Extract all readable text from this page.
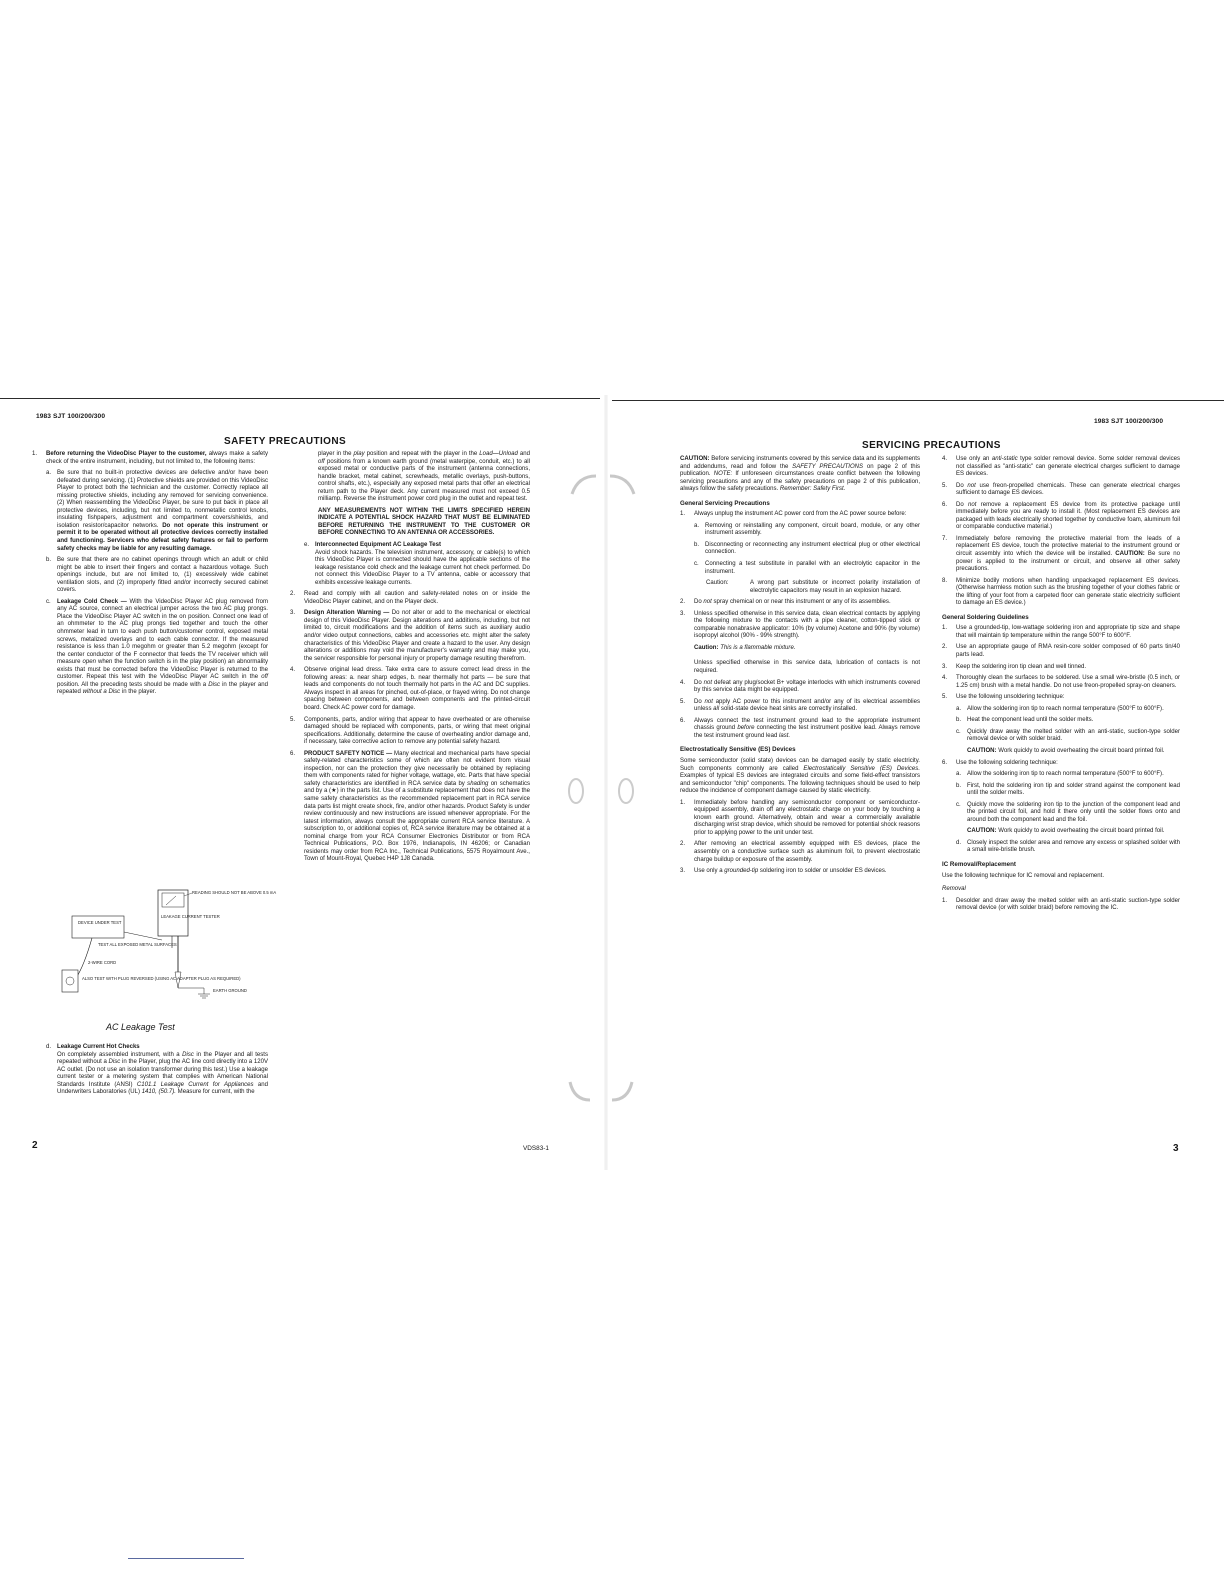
1983 SJT 100/200/300
SAFETY PRECAUTIONS
1. Before returning the VideoDisc Player to the customer, always make a safety check of the entire instrument, including, but not limited to, the following items:
a. Be sure that no built-in protective devices are defective and/or have been defeated during servicing. (1) Protective shields are provided on this VideoDisc Player to protect both the technician and the customer. Correctly replace all missing protective shields, including any removed for servicing convenience. (2) When reassembling the VideoDisc Player, be sure to put back in place all protective devices, including, but not limited to, nonmetallic control knobs, insulating fishpapers, adjustment and compartment covers/shields, and isolation resistor/capacitor networks. Do not operate this instrument or permit it to be operated without all protective devices correctly installed and functioning. Servicers who defeat safety features or fail to perform safety checks may be liable for any resulting damage.
b. Be sure that there are no cabinet openings through which an adult or child might be able to insert their fingers and contact a hazardous voltage. Such openings include, but are not limited to, (1) excessively wide cabinet ventilation slots, and (2) improperly fitted and/or incorrectly secured cabinet covers.
c. Leakage Cold Check — With the VideoDisc Player AC plug removed from any AC source, connect an electrical jumper across the two AC plug prongs. Place the VideoDisc Player AC switch in the on position. Connect one lead of an ohmmeter to the AC plug prongs tied together and touch the other ohmmeter lead in turn to each push button/customer control, exposed metal screws, metalized overlays and to each cable connector. If the measured resistance is less than 1.0 megohm or greater than 5.2 megohm (except for the center conductor of the F connector that feeds the TV receiver which will measure open when the function switch is in the play position) an abnormality exists that must be corrected before the VideoDisc Player is returned to the customer. Repeat this test with the VideoDisc Player AC switch in the off position. All the preceding tests should be made with a Disc in the player and repeated without a Disc in the player.
DEVICE UNDER TEST
LEAKAGE CURRENT TESTER
READING SHOULD NOT BE ABOVE 0.5 mA
TEST ALL EXPOSED METAL SURFACES
2-WIRE CORD
ALSO TEST WITH PLUG REVERSED (USING AC ADAPTER PLUG AS REQUIRED)
EARTH GROUND
AC Leakage Test
d. Leakage Current Hot Checks
On completely assembled instrument, with a Disc in the Player and all tests repeated without a Disc in the Player, plug the AC line cord directly into a 120V AC outlet. (Do not use an isolation transformer during this test.) Use a leakage current tester or a metering system that complies with American National Standards Institute (ANSI) C101.1 Leakage Current for Appliances and Underwriters Laboratories (UL) 1410, (50.7). Measure for current, with the

player in the play position and repeat with the player in the Load—Unload and off positions from a known earth ground (metal waterpipe, conduit, etc.) to all exposed metal or conductive parts of the instrument (antenna connections, handle bracket, metal cabinet, screwheads, metallic overlays, push-buttons, control shafts, etc.), especially any exposed metal parts that offer an electrical return path to the Player deck. Any current measured must not exceed 0.5 milliamp. Reverse the instrument power cord plug in the outlet and repeat test.

ANY MEASUREMENTS NOT WITHIN THE LIMITS SPECIFIED HEREIN INDICATE A POTENTIAL SHOCK HAZARD THAT MUST BE ELIMINATED BEFORE RETURNING THE INSTRUMENT TO THE CUSTOMER OR BEFORE CONNECTING TO AN ANTENNA OR ACCESSORIES.

e. Interconnected Equipment AC Leakage Test
Avoid shock hazards. The television instrument, accessory, or cable(s) to which this VideoDisc Player is connected should have the applicable sections of the leakage resistance cold check and the leakage current hot check performed. Do not connect this VideoDisc Player to a TV antenna, cable or accessory that exhibits excessive leakage currents.
2. Read and comply with all caution and safety-related notes on or inside the VideoDisc Player cabinet, and on the Player deck.
3. Design Alteration Warning — Do not alter or add to the mechanical or electrical design of this VideoDisc Player. Design alterations and additions, including, but not limited to, circuit modifications and the addition of items such as auxiliary audio and/or video output connections, cables and accessories etc. might alter the safety characteristics of this VideoDisc Player and create a hazard to the user. Any design alterations or additions may void the manufacturer's warranty and may make you, the servicer responsible for personal injury or property damage resulting therefrom.
4. Observe original lead dress. Take extra care to assure correct lead dress in the following areas: a. near sharp edges, b. near thermally hot parts — be sure that leads and components do not touch thermally hot parts in the AC and DC supplies. Always inspect in all areas for pinched, out-of-place, or frayed wiring. Do not change spacing between components, and between components and the printed-circuit board. Check AC power cord for damage.
5. Components, parts, and/or wiring that appear to have overheated or are otherwise damaged should be replaced with components, parts, or wiring that meet original specifications. Additionally, determine the cause of overheating and/or damage and, if necessary, take corrective action to remove any potential safety hazard.
6. PRODUCT SAFETY NOTICE — Many electrical and mechanical parts have special safety-related characteristics some of which are often not evident from visual inspection, nor can the protection they give necessarily be obtained by replacing them with components rated for higher voltage, wattage, etc. Parts that have special safety characteristics are identified in RCA service data by shading on schematics and by a (★) in the parts list. Use of a substitute replacement that does not have the same safety characteristics as the recommended replacement part in RCA service data parts list might create shock, fire, and/or other hazards. Product Safety is under review continuously and new instructions are issued whenever appropriate. For the latest information, always consult the appropriate current RCA service literature. A subscription to, or additional copies of, RCA service literature may be obtained at a nominal charge from your RCA Consumer Electronics Distributor or from RCA Technical Publications, P.O. Box 1976, Indianapolis, IN 46206; or Canadian residents may order from RCA Inc., Technical Publications, 5575 Royalmount Ave., Town of Mount-Royal, Quebec H4P 1J8 Canada.
2	VDS83-1
1983 SJT 100/200/300
SERVICING PRECAUTIONS

CAUTION: Before servicing instruments covered by this service data and its supplements and addendums, read and follow the SAFETY PRECAUTIONS on page 2 of this publication. NOTE: If unforeseen circumstances create conflict between the following servicing precautions and any of the safety precautions on page 2 of this publication, always follow the safety precautions. Remember: Safety First.

General Servicing Precautions
1. Always unplug the instrument AC power cord from the AC power source before:
a. Removing or reinstalling any component, circuit board, module, or any other instrument assembly.
b. Disconnecting or reconnecting any instrument electrical plug or other electrical connection.
c. Connecting a test substitute in parallel with an electrolytic capacitor in the instrument.
Caution:	A wrong part substitute or incorrect polarity installation of electrolytic capacitors may result in an explosion hazard.
2. Do not spray chemical on or near this instrument or any of its assemblies.
3. Unless specified otherwise in this service data, clean electrical contacts by applying the following mixture to the contacts with a pipe cleaner, cotton-tipped stick or comparable nonabrasive applicator: 10% (by volume) Acetone and 90% (by volume) isopropyl alcohol (90% - 99% strength).
Caution: This is a flammable mixture.
Unless specified otherwise in this service data, lubrication of contacts is not required.
4. Do not defeat any plug/socket B+ voltage interlocks with which instruments covered by this service data might be equipped.
5. Do not apply AC power to this instrument and/or any of its electrical assemblies unless all solid-state device heat sinks are correctly installed.
6. Always connect the test instrument ground lead to the appropriate instrument chassis ground before connecting the test instrument positive lead. Always remove the test instrument ground lead last.
Electrostatically Sensitive (ES) Devices

Some semiconductor (solid state) devices can be damaged easily by static electricity. Such components commonly are called Electrostatically Sensitive (ES) Devices. Examples of typical ES devices are integrated circuits and some field-effect transistors and semiconductor "chip" components. The following techniques should be used to help reduce the incidence of component damage caused by static electricity.

1. Immediately before handling any semiconductor component or semiconductor-equipped assembly, drain off any electrostatic charge on your body by touching a known earth ground. Alternatively, obtain and wear a commercially available discharging wrist strap device, which should be removed for potential shock reasons prior to applying power to the unit under test.
2. After removing an electrical assembly equipped with ES devices, place the assembly on a conductive surface such as aluminum foil, to prevent electrostatic charge buildup or exposure of the assembly.
3. Use only a grounded-tip soldering iron to solder or unsolder ES devices.
4. Use only an anti-static type solder removal device. Some solder removal devices not classified as "anti-static" can generate electrical charges sufficient to damage ES devices.
5. Do not use freon-propelled chemicals. These can generate electrical charges sufficient to damage ES devices.
6. Do not remove a replacement ES device from its protective package until immediately before you are ready to install it. (Most replacement ES devices are packaged with leads electrically shorted together by conductive foam, aluminum foil or comparable conductive material.)
7. Immediately before removing the protective material from the leads of a replacement ES device, touch the protective material to the instrument ground or circuit assembly into which the device will be installed. CAUTION: Be sure no power is applied to the instrument or circuit, and observe all other safety precautions.
8. Minimize bodily motions when handling unpackaged replacement ES devices. (Otherwise harmless motion such as the brushing together of your clothes fabric or the lifting of your foot from a carpeted floor can generate static electricity sufficient to damage an ES device.)
General Soldering Guidelines
1. Use a grounded-tip, low-wattage soldering iron and appropriate tip size and shape that will maintain tip temperature within the range 500°F to 600°F.
2. Use an appropriate gauge of RMA resin-core solder composed of 60 parts tin/40 parts lead.
3. Keep the soldering iron tip clean and well tinned.
4. Thoroughly clean the surfaces to be soldered. Use a small wire-bristle (0.5 inch, or 1.25 cm) brush with a metal handle. Do not use freon-propelled spray-on cleaners.
5. Use the following unsoldering technique:
a. Allow the soldering iron tip to reach normal temperature (500°F to 600°F).
b. Heat the component lead until the solder melts.
c. Quickly draw away the melted solder with an anti-static, suction-type solder removal device or with solder braid.
CAUTION: Work quickly to avoid overheating the circuit board printed foil.
6. Use the following soldering technique:
a. Allow the soldering iron tip to reach normal temperature (500°F to 600°F).
b. First, hold the soldering iron tip and solder strand against the component lead until the solder melts.
c. Quickly move the soldering iron tip to the junction of the component lead and the printed circuit foil, and hold it there only until the solder flows onto and around both the component lead and the foil.
CAUTION: Work quickly to avoid overheating the circuit board printed foil.
d. Closely inspect the solder area and remove any excess or splashed solder with a small wire-bristle brush.
IC Removal/Replacement

Use the following technique for IC removal and replacement.

Removal

1. Desolder and draw away the melted solder with an anti-static suction-type solder removal device (or with solder braid) before removing the IC.
3
